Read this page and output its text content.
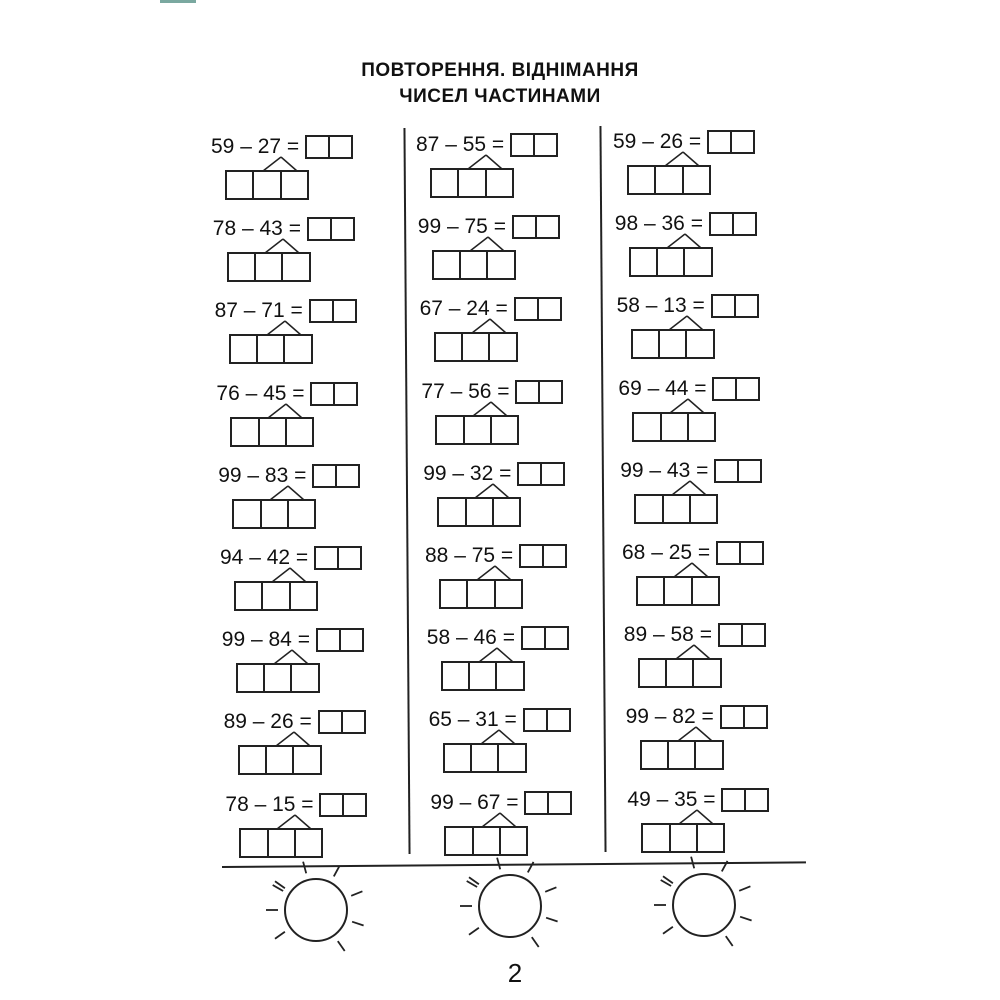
ПОВТОРЕННЯ. ВІДНІМАННЯ
ЧИСЕЛ ЧАСТИНАМИ
59 – 27 =
78 – 43 =
87 – 71 =
76 – 45 =
99 – 83 =
94 – 42 =
99 – 84 =
89 – 26 =
78 – 15 =
87 – 55 =
99 – 75 =
67 – 24 =
77 – 56 =
99 – 32 =
88 – 75 =
58 – 46 =
65 – 31 =
99 – 67 =
59 – 26 =
98 – 36 =
58 – 13 =
69 – 44 =
99 – 43 =
68 – 25 =
89 – 58 =
99 – 82 =
49 – 35 =
2
